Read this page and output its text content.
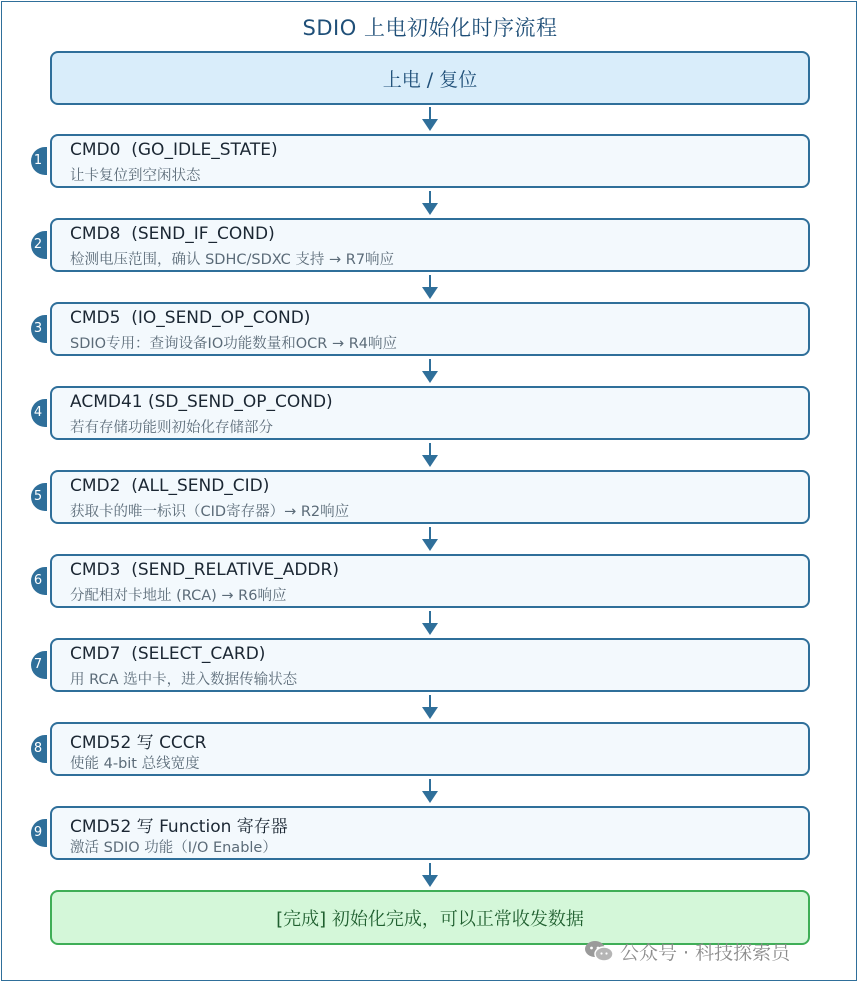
SDIO 上电初始化时序流程
上电 / 复位
1
CMD0  (GO_IDLE_STATE)
让卡复位到空闲状态
2
CMD8  (SEND_IF_COND)
检测电压范围，确认 SDHC/SDXC 支持 → R7响应
3
CMD5  (IO_SEND_OP_COND)
SDIO专用：查询设备IO功能数量和OCR → R4响应
4
ACMD41 (SD_SEND_OP_COND)
若有存储功能则初始化存储部分
5
CMD2  (ALL_SEND_CID)
获取卡的唯一标识（CID寄存器）→ R2响应
6
CMD3  (SEND_RELATIVE_ADDR)
分配相对卡地址 (RCA) → R6响应
7
CMD7  (SELECT_CARD)
用 RCA 选中卡，进入数据传输状态
8 CMD52 写 CCCR
使能 4-bit 总线宽度
9 CMD52 写 Function 寄存器
激活 SDIO 功能（I/O Enable）
[完成] 初始化完成，可以正常收发数据
公众号 · 科技探索员
